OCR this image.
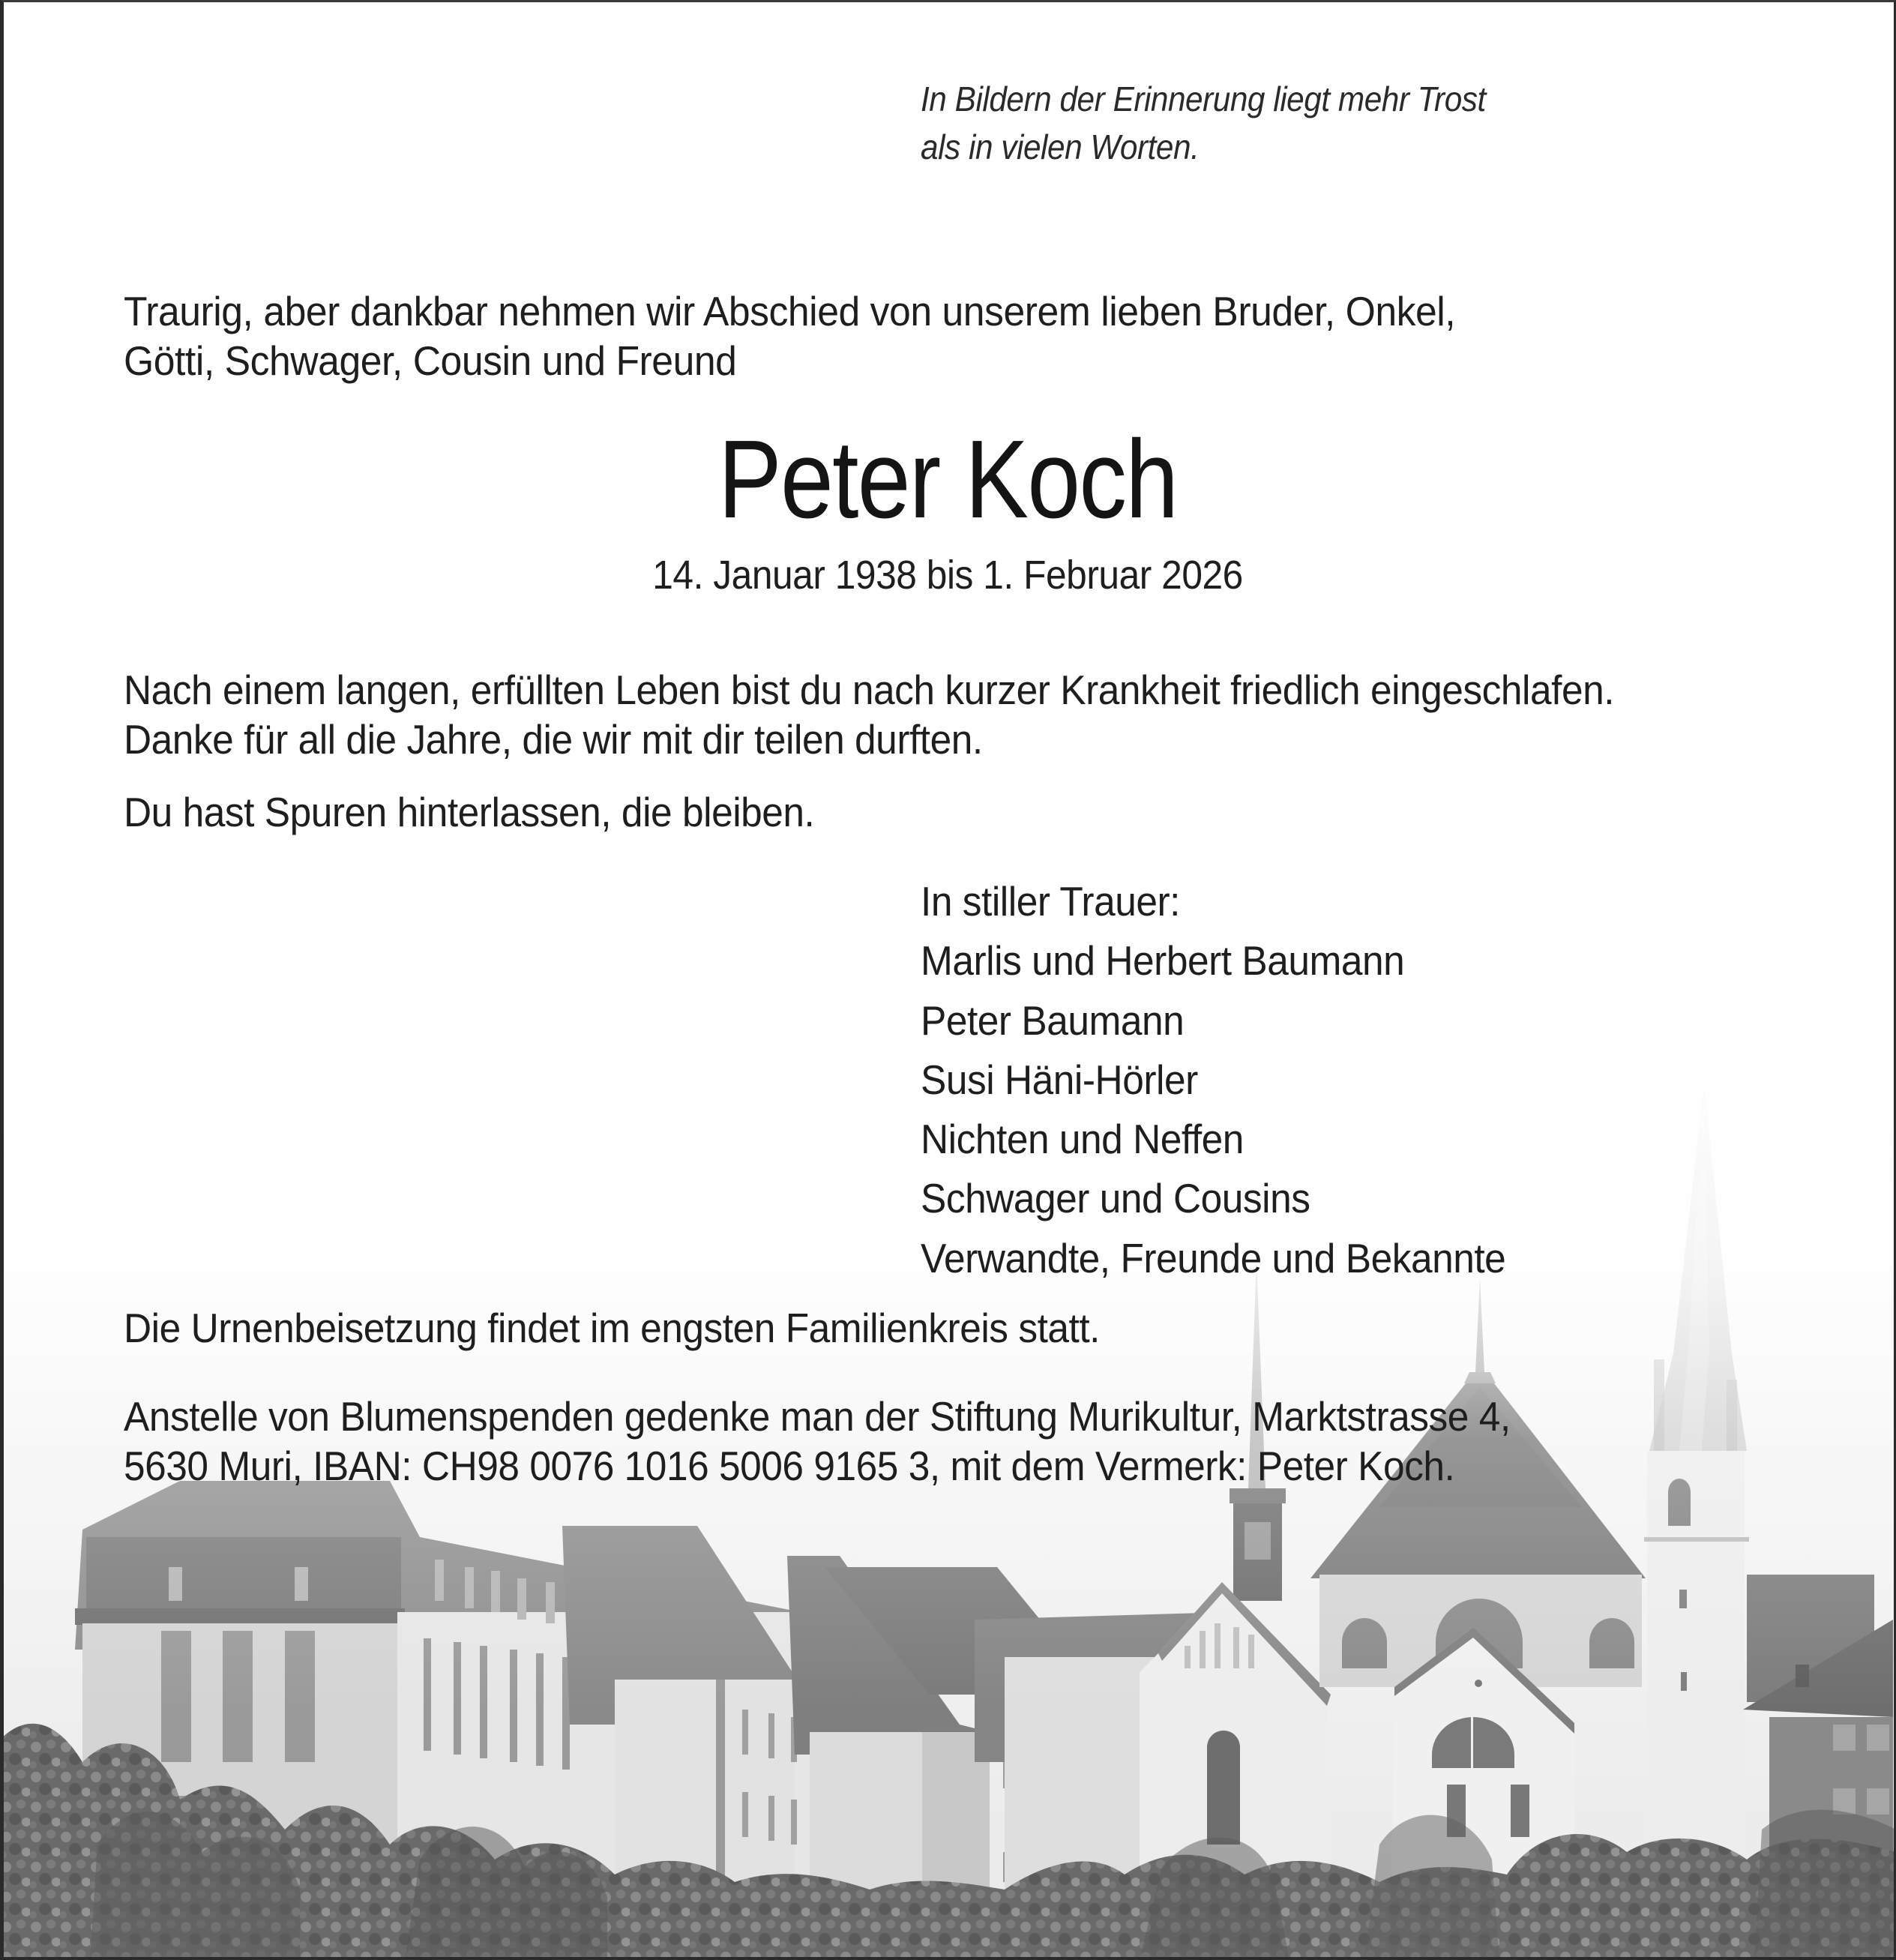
In Bildern der Erinnerung liegt mehr Trost
als in vielen Worten.
Traurig, aber dankbar nehmen wir Abschied von unserem lieben Bruder, Onkel,
Götti, Schwager, Cousin und Freund
Peter Koch
14. Januar 1938 bis 1. Februar 2026
Nach einem langen, erfüllten Leben bist du nach kurzer Krankheit friedlich eingeschlafen.
Danke für all die Jahre, die wir mit dir teilen durften.
Du hast Spuren hinterlassen, die bleiben.
In stiller Trauer:
Marlis und Herbert Baumann
Peter Baumann
Susi Häni-Hörler
Nichten und Neffen
Schwager und Cousins
Verwandte, Freunde und Bekannte
Die Urnenbeisetzung findet im engsten Familienkreis statt.
Anstelle von Blumenspenden gedenke man der Stiftung Murikultur, Marktstrasse 4,
5630 Muri, IBAN: CH98 0076 1016 5006 9165 3, mit dem Vermerk: Peter Koch.
